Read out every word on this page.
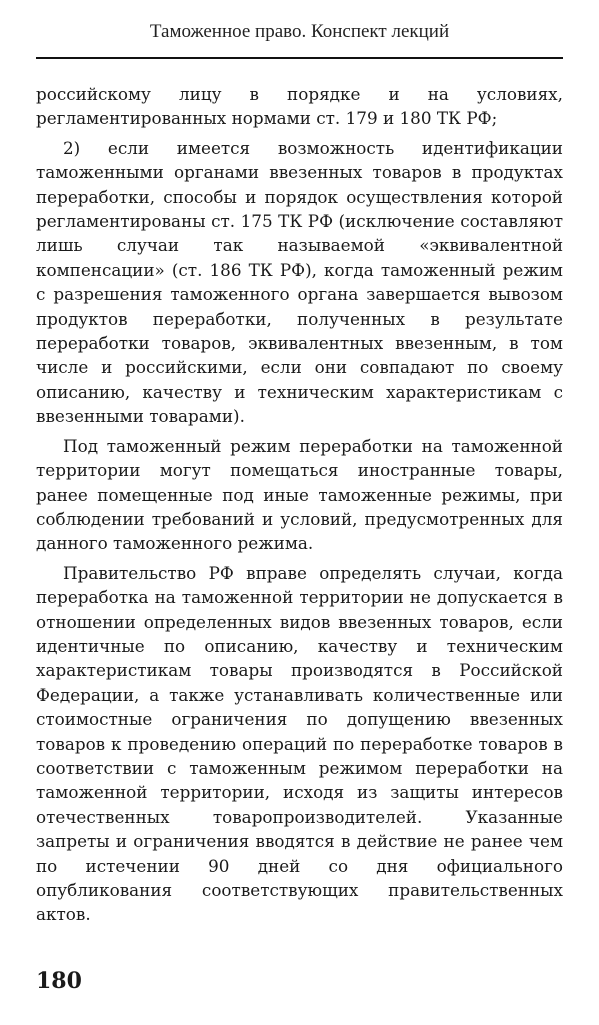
Таможенное право. Конспект лекций

российскому лицу в порядке и на условиях, регламентированных нормами ст. 179 и 180 ТК РФ;

2) если имеется возможность идентификации таможенными органами ввезенных товаров в продуктах переработки, способы и порядок осуществления которой регламентированы ст. 175 ТК РФ (исключение составляют лишь случаи так называемой «эквивалентной компенсации» (ст. 186 ТК РФ), когда таможенный режим с разрешения таможенного органа завершается вывозом продуктов переработки, полученных в результате переработки товаров, эквивалентных ввезенным, в том числе и российскими, если они совпадают по своему описанию, качеству и техническим характеристикам с ввезенными товарами).

Под таможенный режим переработки на таможенной территории могут помещаться иностранные товары, ранее помещенные под иные таможенные режимы, при соблюдении требований и условий, предусмотренных для данного таможенного режима.

Правительство РФ вправе определять случаи, когда переработка на таможенной территории не допускается в отношении определенных видов ввезенных товаров, если идентичные по описанию, качеству и техническим характеристикам товары производятся в Российской Федерации, а также устанавливать количественные или стоимостные ограничения по допущению ввезенных товаров к проведению операций по переработке товаров в соответствии с таможенным режимом переработки на таможенной территории, исходя из защиты интересов отечественных товаропроизводителей. Указанные запреты и ограничения вводятся в действие не ранее чем по истечении 90 дней со дня официального опубликования соответствующих правительственных актов.

180
